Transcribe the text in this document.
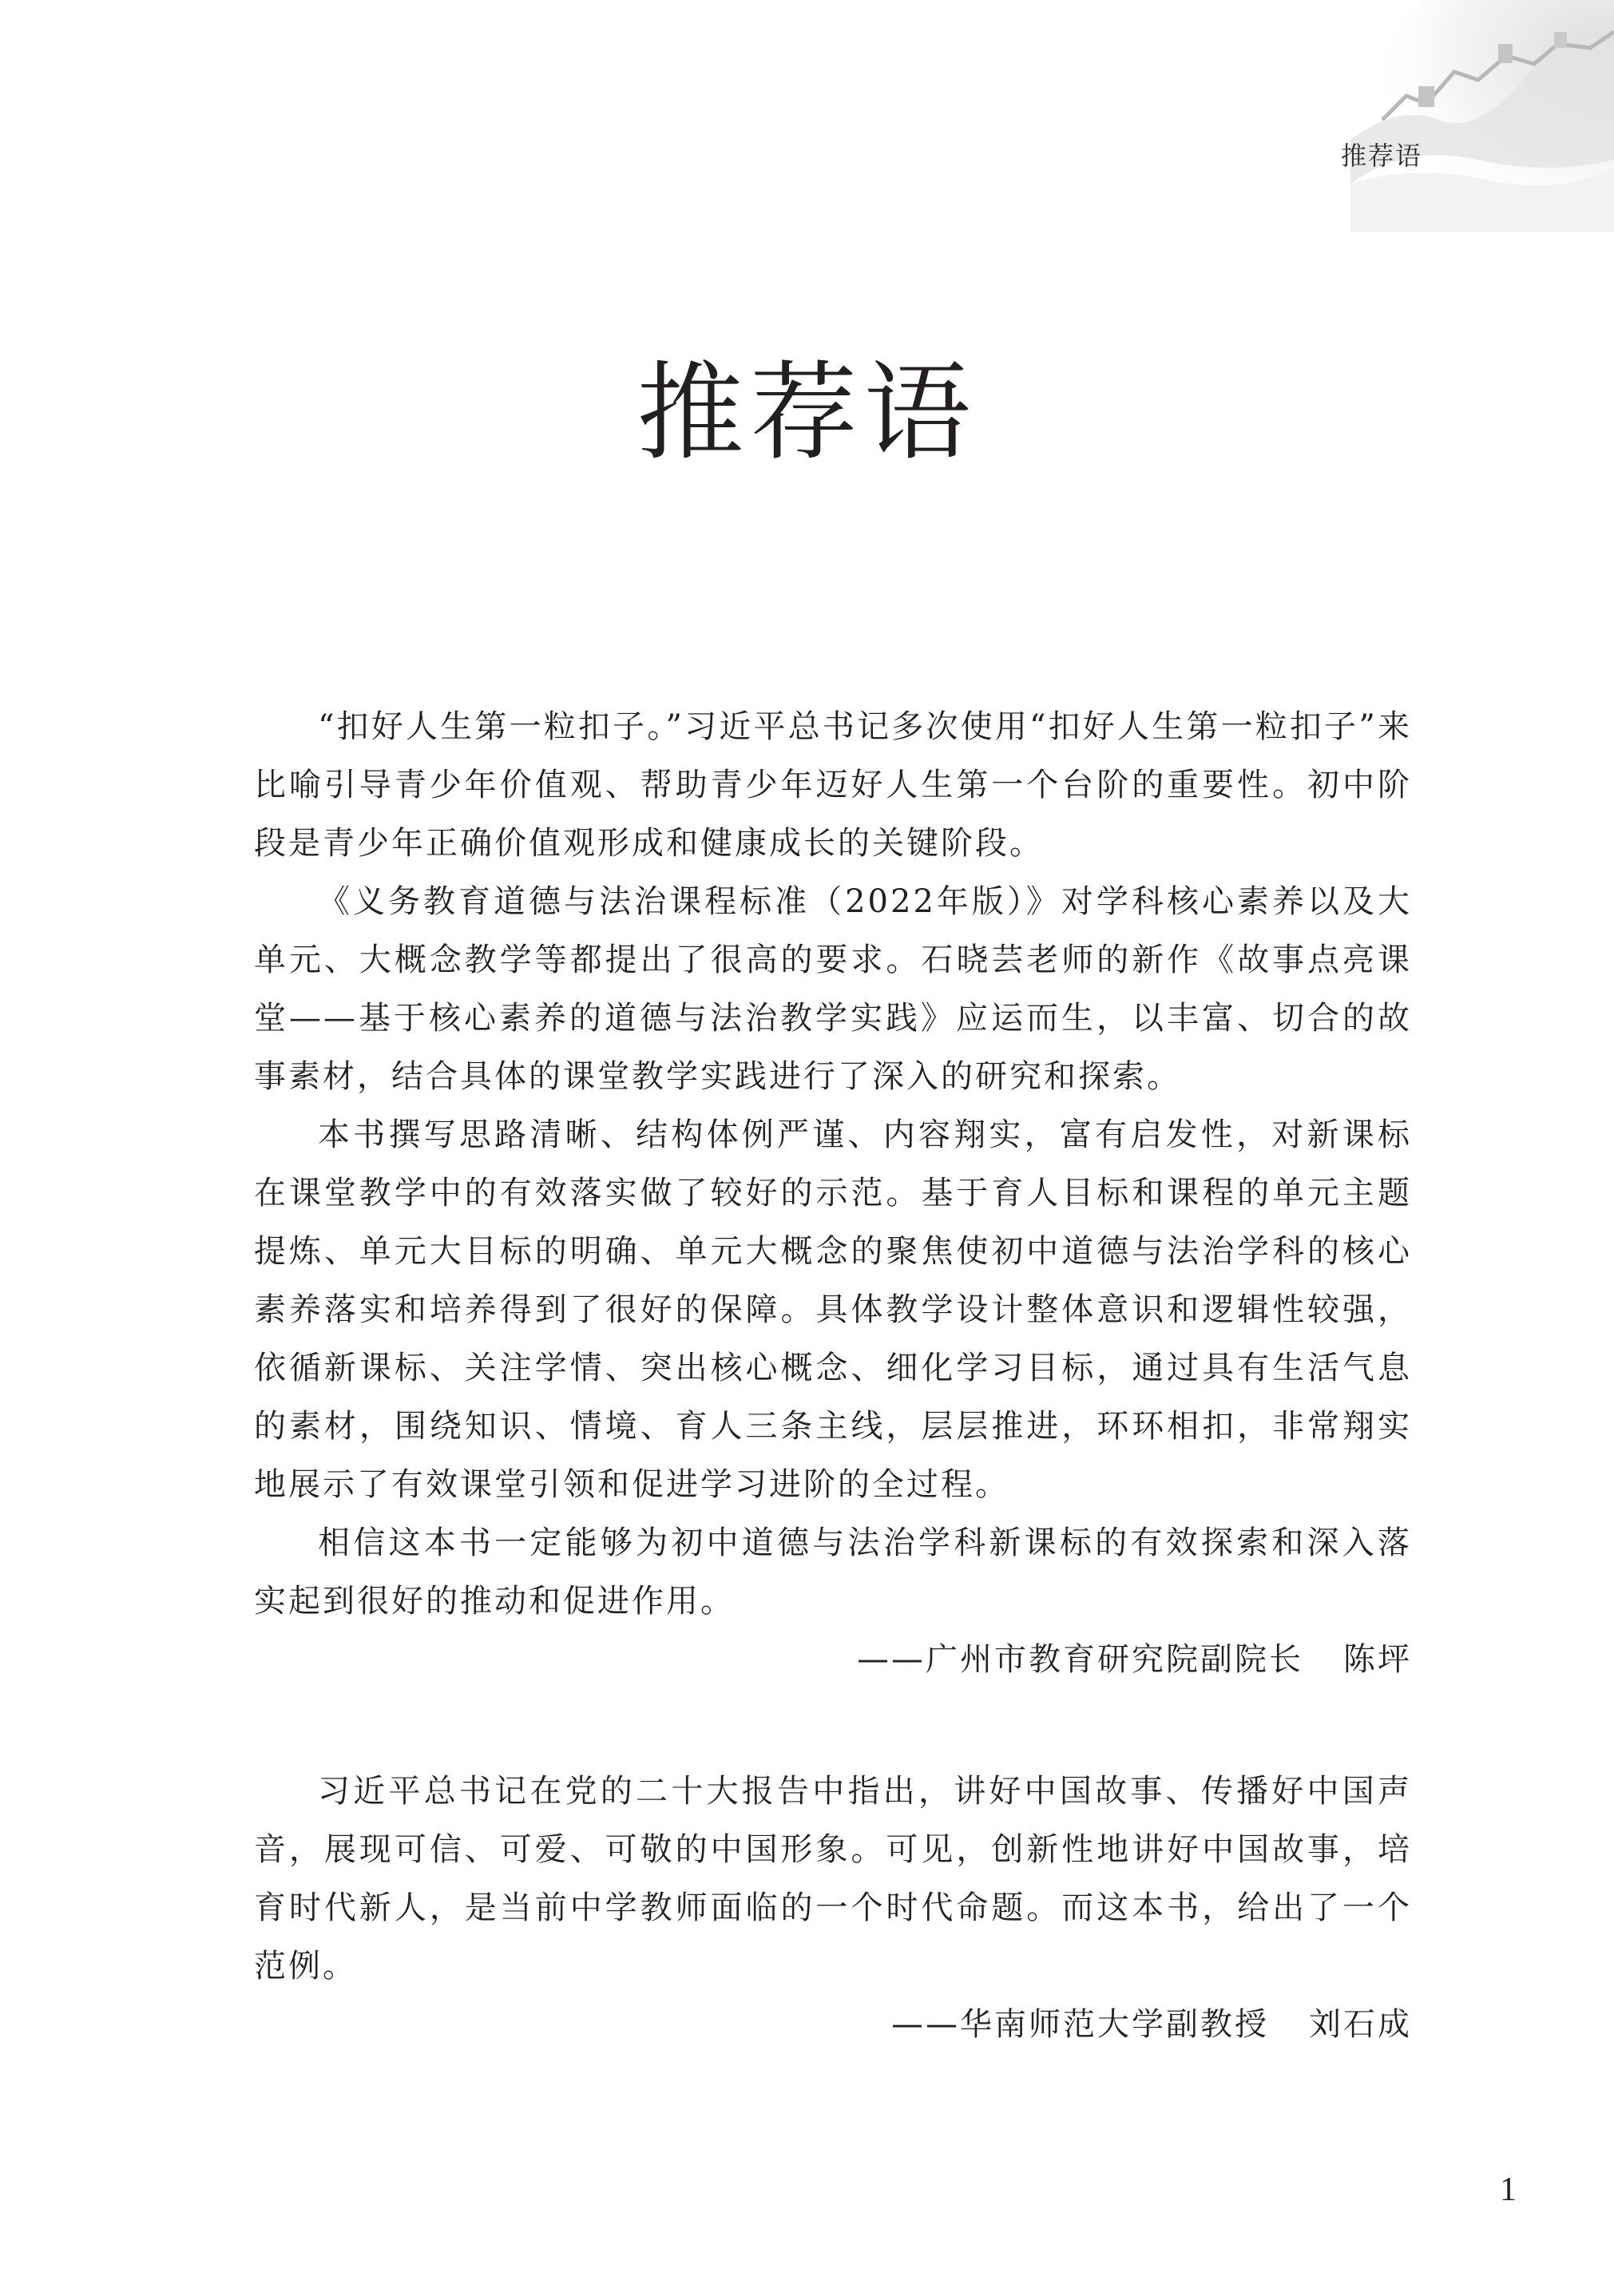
推荐语
推荐语

“扣好人生第一粒扣子。”习近平总书记多次使用“扣好人生第一粒扣子”来比喻引导青少年价值观、帮助青少年迈好人生第一个台阶的重要性。初中阶段是青少年正确价值观形成和健康成长的关键阶段。

《义务教育道德与法治课程标准（2022年版）》对学科核心素养以及大单元、大概念教学等都提出了很高的要求。石晓芸老师的新作《故事点亮课堂——基于核心素养的道德与法治教学实践》应运而生，以丰富、切合的故事素材，结合具体的课堂教学实践进行了深入的研究和探索。

本书撰写思路清晰、结构体例严谨、内容翔实，富有启发性，对新课标在课堂教学中的有效落实做了较好的示范。基于育人目标和课程的单元主题提炼、单元大目标的明确、单元大概念的聚焦使初中道德与法治学科的核心素养落实和培养得到了很好的保障。具体教学设计整体意识和逻辑性较强，依循新课标、关注学情、突出核心概念、细化学习目标，通过具有生活气息的素材，围绕知识、情境、育人三条主线，层层推进，环环相扣，非常翔实地展示了有效课堂引领和促进学习进阶的全过程。

相信这本书一定能够为初中道德与法治学科新课标的有效探索和深入落实起到很好的推动和促进作用。

——广州市教育研究院副院长 陈坪

习近平总书记在党的二十大报告中指出，讲好中国故事、传播好中国声音，展现可信、可爱、可敬的中国形象。可见，创新性地讲好中国故事，培育时代新人，是当前中学教师面临的一个时代命题。而这本书，给出了一个范例。

——华南师范大学副教授 刘石成
1
